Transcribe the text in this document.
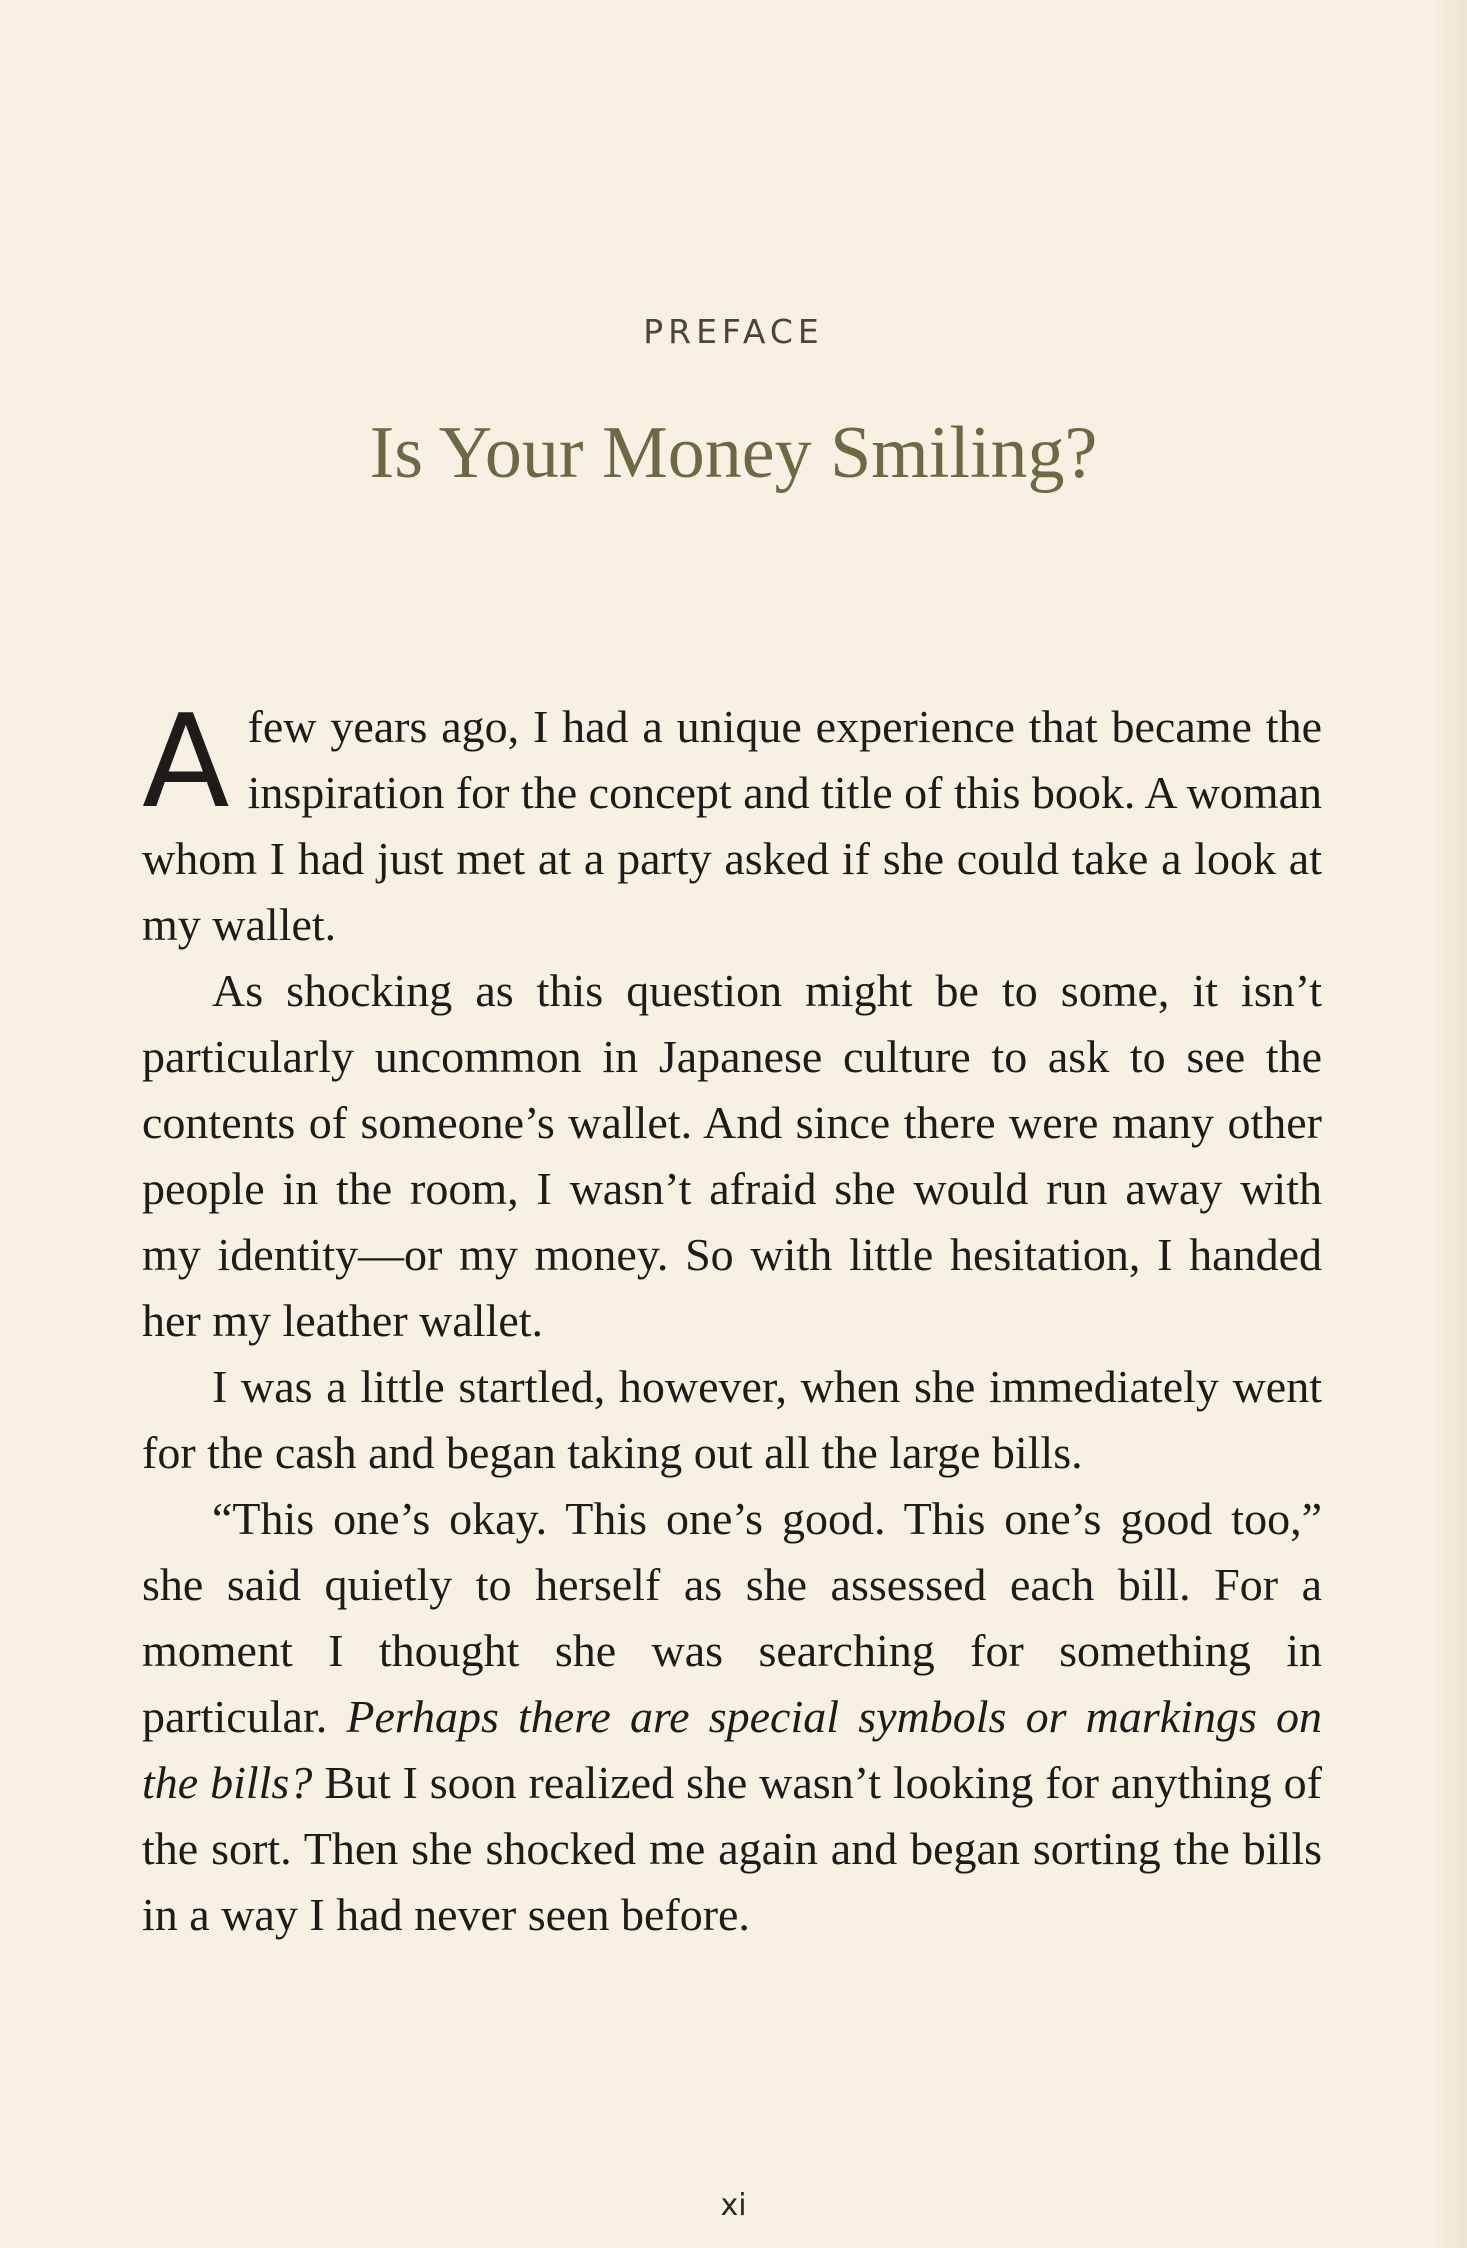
PREFACE
Is Your Money Smiling?

Afew years ago, I had a unique experience that became the inspiration for the concept and title of this book. A woman whom I had just met at a party asked if she could take a look at my wallet.

As shocking as this question might be to some, it isn’t particularly uncommon in Japanese culture to ask to see the contents of someone’s wallet. And since there were many other people in the room, I wasn’t afraid she would run away with my identity—or my money. So with little hesitation, I handed her my leather wallet.

I was a little startled, however, when she immediately went for the cash and began taking out all the large bills.

“This one’s okay. This one’s good. This one’s good too,” she said quietly to herself as she assessed each bill. For a moment I thought she was searching for something in particular. Perhaps there are special symbols or markings on the bills? But I soon realized she wasn’t looking for anything of the sort. Then she shocked me again and began sorting the bills in a way I had never seen before.

xi
